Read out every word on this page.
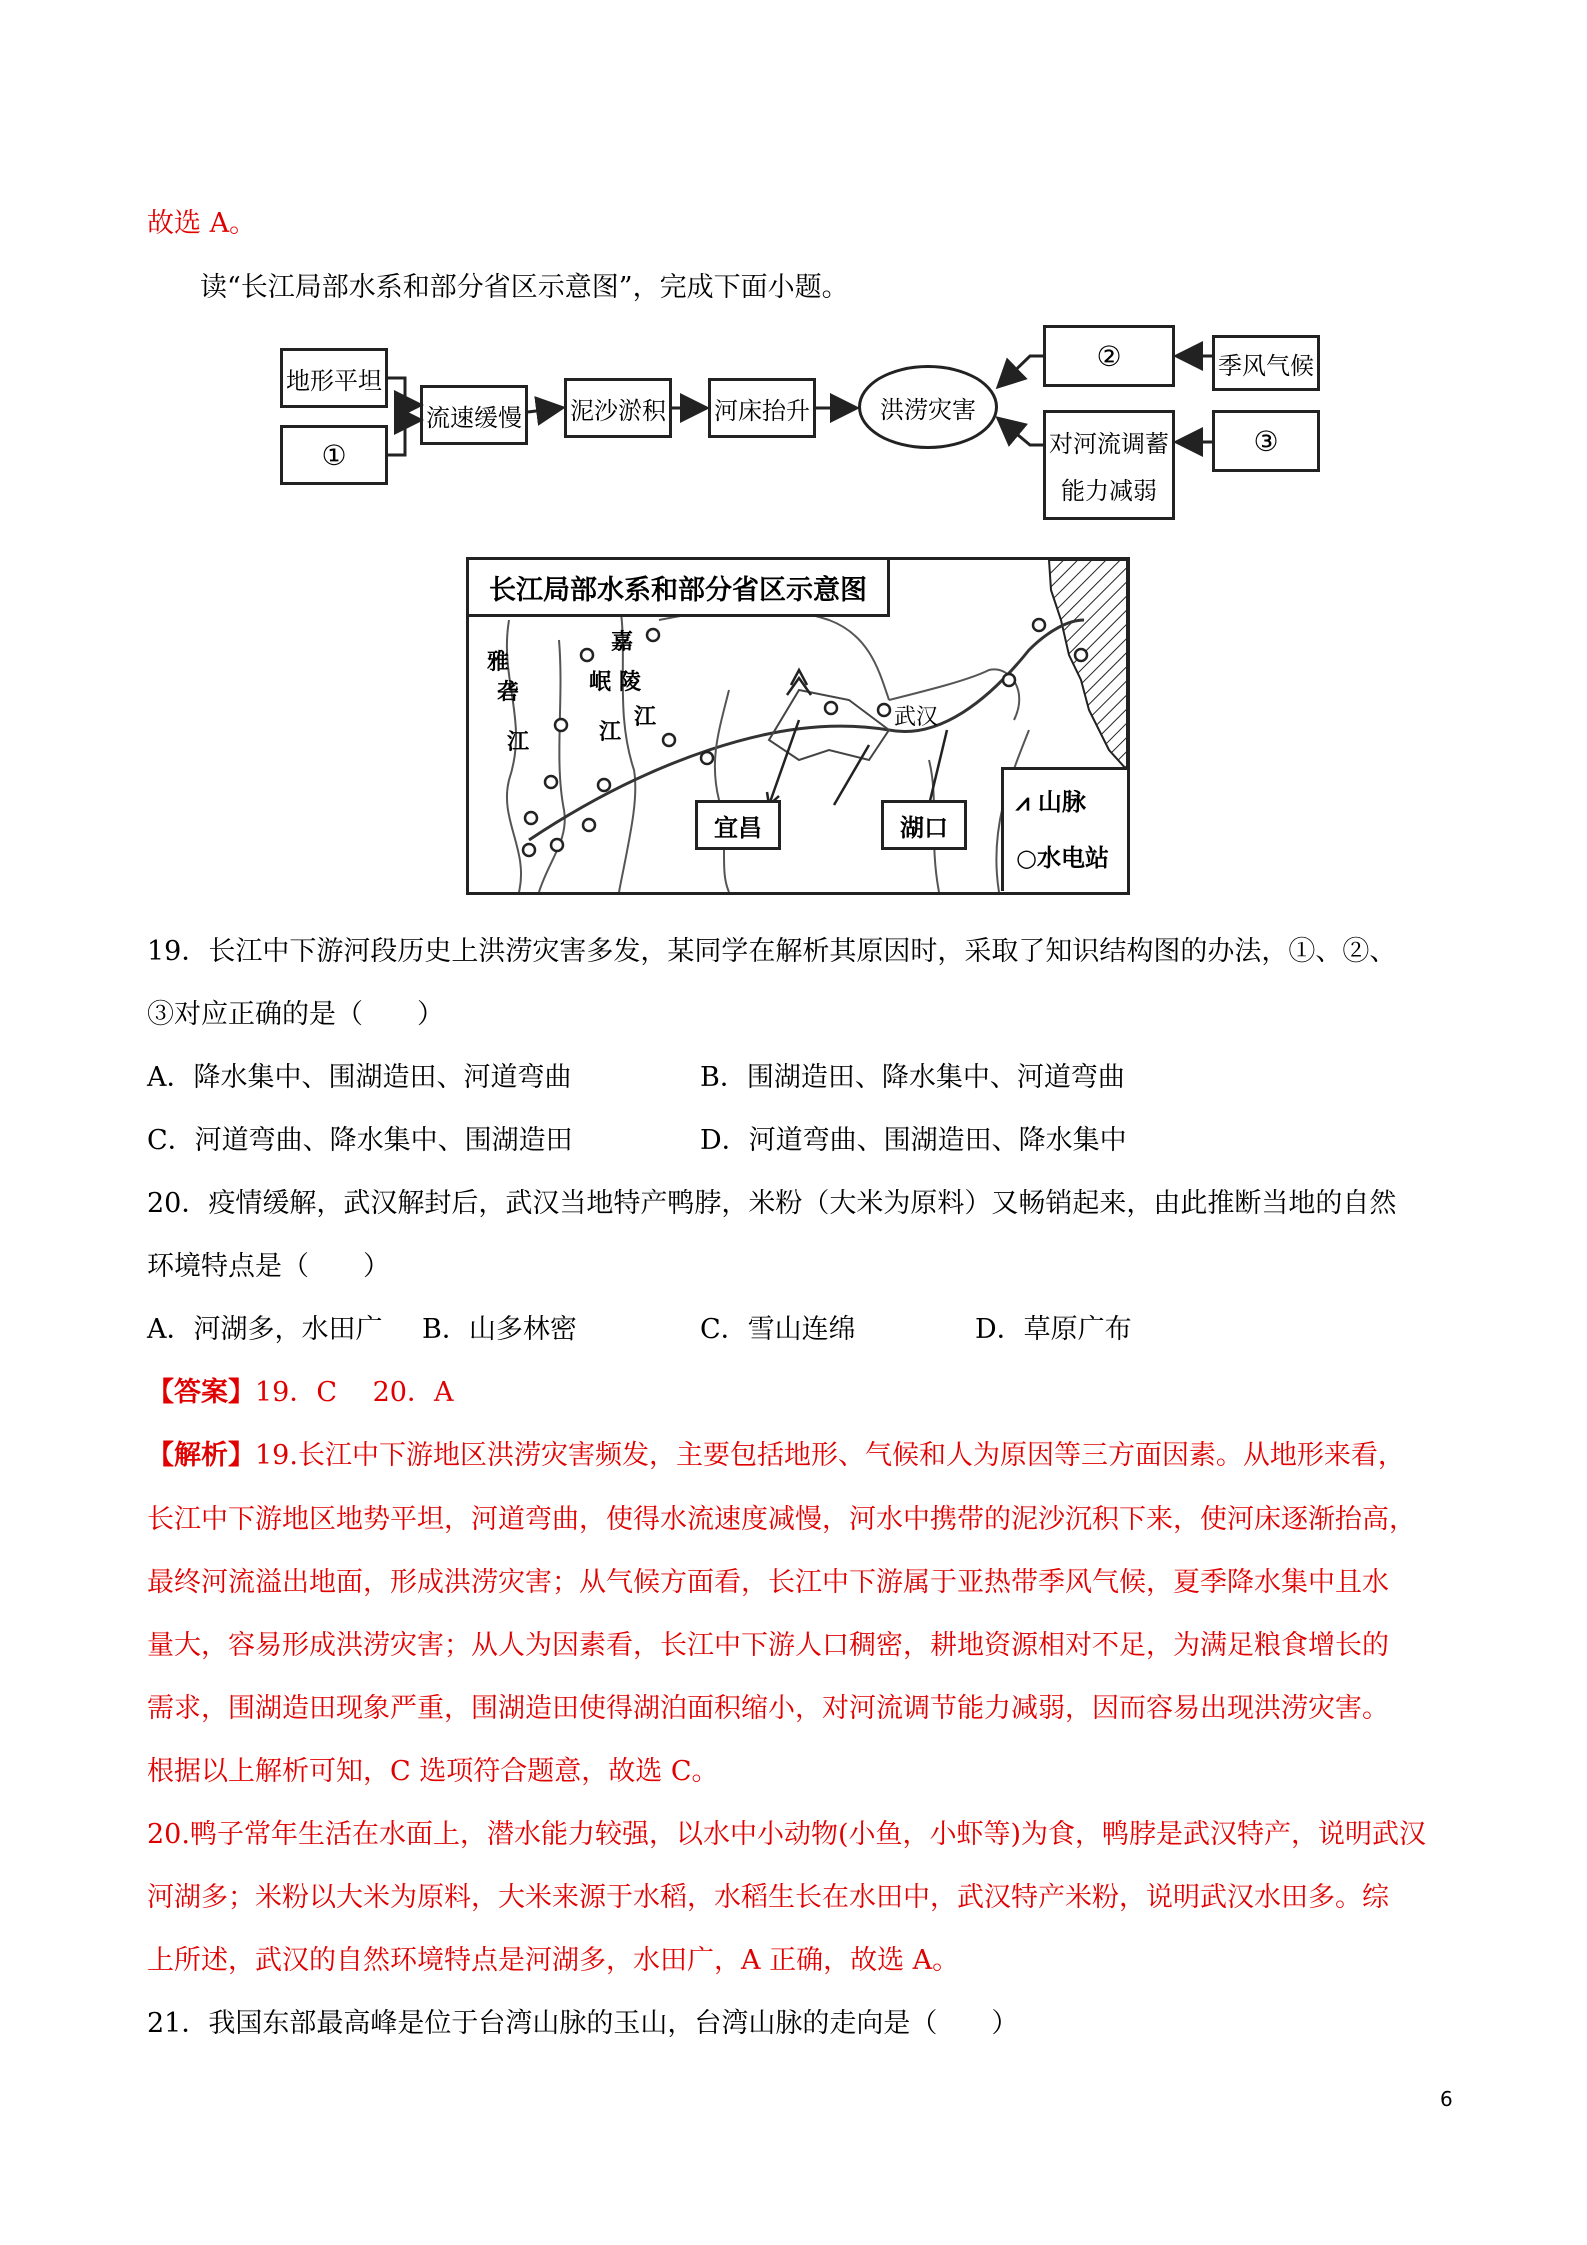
故选 A。
读“长江局部水系和部分省区示意图”，完成下面小题。
地形平坦
①
流速缓慢 泥沙淤积 河床抬升	洪涝灾害
②	季风气候
对河流调蓄
能力减弱
③
长江局部水系和部分省区示意图
雅
砻
江
嘉
岷 陵
江
江	武汉
宜昌	湖口
⩘ 山脉
○水电站
19．长江中下游河段历史上洪涝灾害多发，某同学在解析其原因时，采取了知识结构图的办法，①、②、
③对应正确的是（　　）
A．降水集中、围湖造田、河道弯曲	B．围湖造田、降水集中、河道弯曲
C．河道弯曲、降水集中、围湖造田	D．河道弯曲、围湖造田、降水集中
20．疫情缓解，武汉解封后，武汉当地特产鸭脖，米粉（大米为原料）又畅销起来，由此推断当地的自然
环境特点是（　　）
A．河湖多，水田广 B．山多林密	C．雪山连绵	D．草原广布
【答案】19．C　 20．A
【解析】19.长江中下游地区洪涝灾害频发，主要包括地形、气候和人为原因等三方面因素。从地形来看，
长江中下游地区地势平坦，河道弯曲，使得水流速度减慢，河水中携带的泥沙沉积下来，使河床逐渐抬高，
最终河流溢出地面，形成洪涝灾害；从气候方面看，长江中下游属于亚热带季风气候，夏季降水集中且水
量大，容易形成洪涝灾害；从人为因素看，长江中下游人口稠密，耕地资源相对不足，为满足粮食增长的
需求，围湖造田现象严重，围湖造田使得湖泊面积缩小，对河流调节能力减弱，因而容易出现洪涝灾害。
根据以上解析可知，C 选项符合题意，故选 C。
20.鸭子常年生活在水面上，潜水能力较强，以水中小动物(小鱼，小虾等)为食，鸭脖是武汉特产，说明武汉
河湖多；米粉以大米为原料，大米来源于水稻，水稻生长在水田中，武汉特产米粉，说明武汉水田多。综
上所述，武汉的自然环境特点是河湖多，水田广，A 正确，故选 A。
21．我国东部最高峰是位于台湾山脉的玉山，台湾山脉的走向是（　　）
6
